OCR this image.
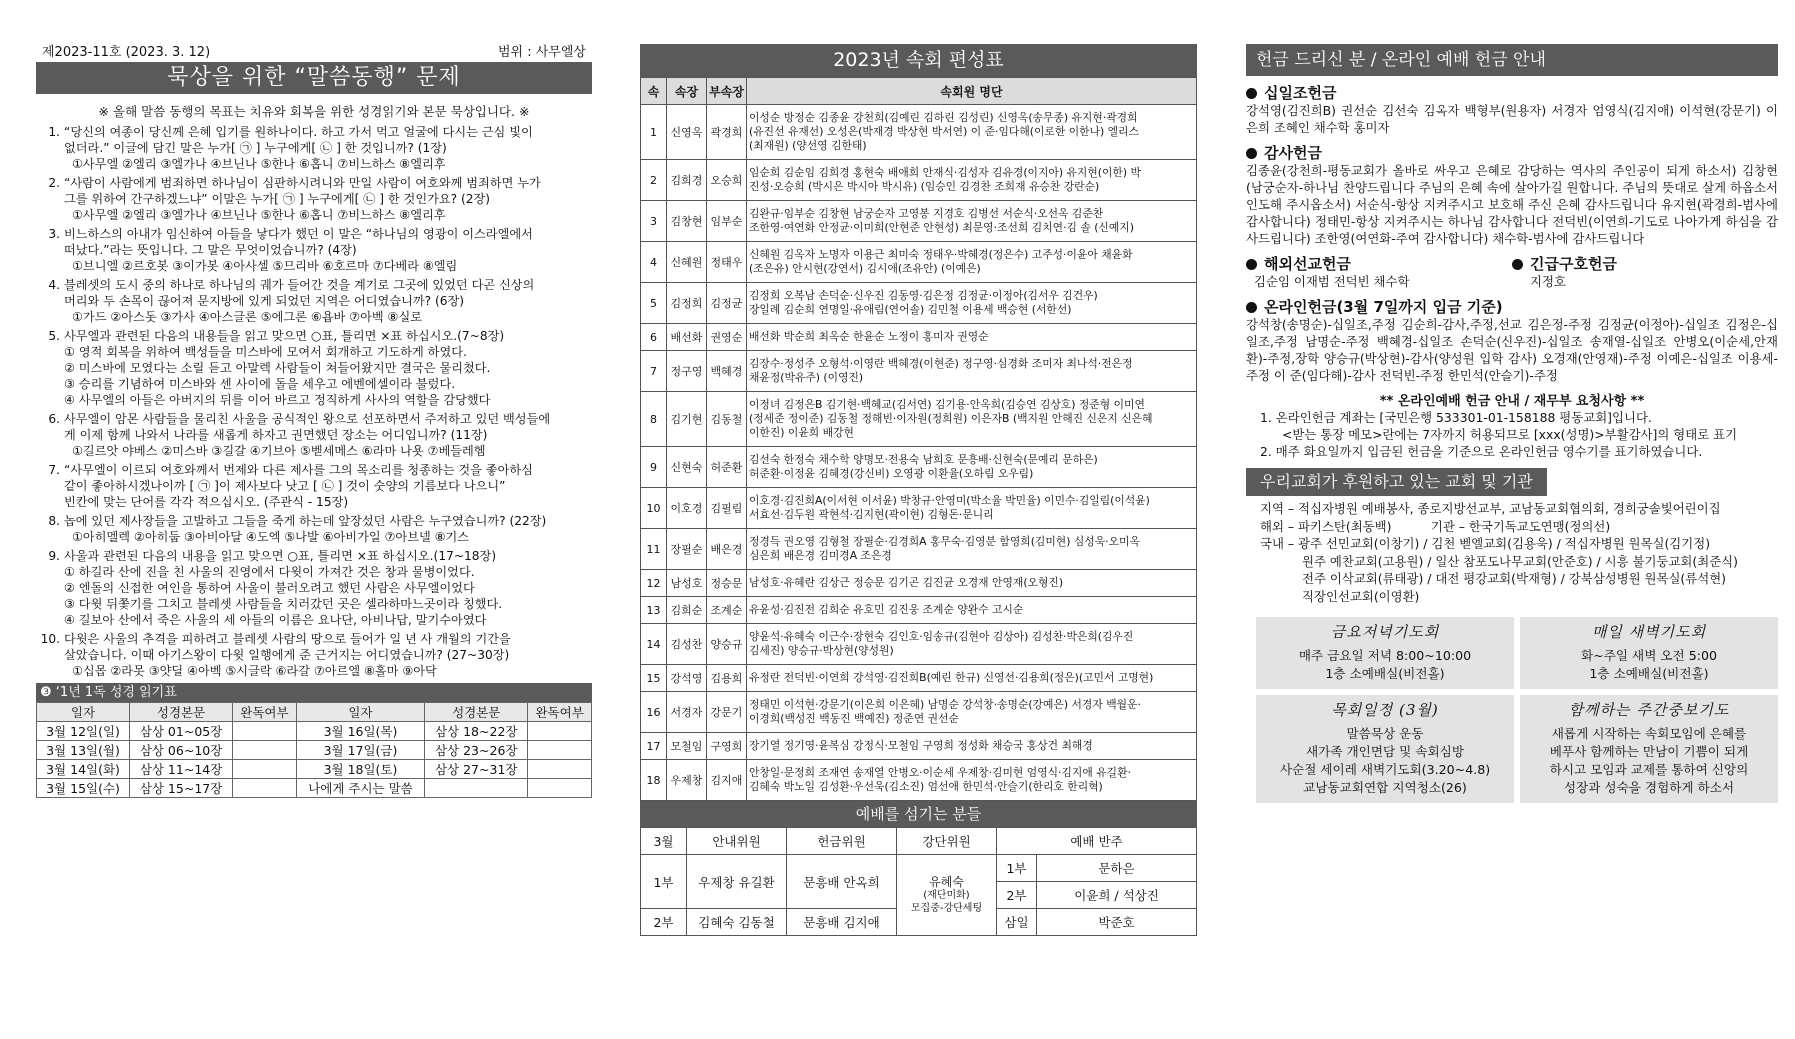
제2023-11호 (2023. 3. 12)	범위 : 사무엘상
묵상을 위한 “말씀동행” 문제
※ 올해 말씀 동행의 목표는 치유와 회복을 위한 성경읽기와 본문 묵상입니다. ※
1. “당신의 여종이 당신께 은혜 입기를 원하나이다. 하고 가서 먹고 얼굴에 다시는 근심 빛이
없더라.” 이글에 담긴 말은 누가[ ㉠ ] 누구에게[ ㉡ ] 한 것입니까? (1장)
①사무엘 ②엘리 ③엘가나 ④브닌나 ⑤한나 ⑥홉니 ⑦비느하스 ⑧엘리후
2. “사람이 사람에게 범죄하면 하나님이 심판하시려니와 만일 사람이 여호와께 범죄하면 누가
그를 위하여 간구하겠느냐” 이말은 누가[ ㉠ ] 누구에게[ ㉡ ] 한 것인가요? (2장)
①사무엘 ②엘리 ③엘가나 ④브닌나 ⑤한나 ⑥홉니 ⑦비느하스 ⑧엘리후
3. 비느하스의 아내가 임신하여 아들을 낳다가 했던 이 말은 “하나님의 영광이 이스라엘에서
떠났다.”라는 뜻입니다. 그 말은 무엇이었습니까? (4장)
①브니엘 ②르호봇 ③이가봇 ④아사셀 ⑤므리바 ⑥호르마 ⑦다베라 ⑧엘림
4. 블레셋의 도시 중의 하나로 하나님의 궤가 들어간 것을 계기로 그곳에 있었던 다곤 신상의
머리와 두 손목이 끊어져 문지방에 있게 되었던 지역은 어디였습니까? (6장)
①가드 ②아스돗 ③가사 ④아스글론 ⑤에그론 ⑥욥바 ⑦아벡 ⑧실로
5. 사무엘과 관련된 다음의 내용들을 읽고 맞으면 ○표, 틀리면 ×표 하십시오.(7~8장)
① 영적 회복을 위하여 백성들을 미스바에 모여서 회개하고 기도하게 하였다.
② 미스바에 모였다는 소릴 듣고 아말렉 사람들이 쳐들어왔지만 결국은 물리쳤다.
③ 승리를 기념하여 미스바와 센 사이에 돌을 세우고 에벤에셀이라 불렀다.
④ 사무엘의 아들은 아버지의 뒤를 이어 바르고 정직하게 사사의 역할을 감당했다
6. 사무엘이 암몬 사람들을 물리친 사울을 공식적인 왕으로 선포하면서 주저하고 있던 백성들에
게 이제 함께 나와서 나라를 새롭게 하자고 권면했던 장소는 어디입니까? (11장)
①길르앗 야베스 ②미스바 ③길갈 ④기브아 ⑤벧세메스 ⑥라마 나욧 ⑦베들레헴
7. “사무엘이 이르되 여호와께서 번제와 다른 제사를 그의 목소리를 청종하는 것을 좋아하심
같이 좋아하시겠나이까 [ ㉠ ]이 제사보다 낫고 [ ㉡ ] 것이 숫양의 기름보다 나으니”
빈칸에 맞는 단어를 각각 적으십시오. (주관식 - 15장)
8. 놉에 있던 제사장들을 고발하고 그들을 죽게 하는데 앞장섰던 사람은 누구였습니까? (22장)
①아히멜렉 ②아히둡 ③아비아달 ④도엑 ⑤나발 ⑥아비가일 ⑦아브넬 ⑧기스
9. 사울과 관련된 다음의 내용을 읽고 맞으면 ○표, 틀리면 ×표 하십시오.(17~18장)
① 하길라 산에 진을 친 사울의 진영에서 다윗이 가져간 것은 창과 물병이었다.
② 엔돌의 신접한 여인을 통하여 사울이 불러오려고 했던 사람은 사무엘이었다
③ 다윗 뒤쫓기를 그치고 블레셋 사람들을 치러갔던 곳은 셀라하마느곳이라 칭했다.
④ 길보아 산에서 죽은 사울의 세 아들의 이름은 요나단, 아비나답, 말기수아였다
10. 다윗은 사울의 추격을 피하려고 블레셋 사람의 땅으로 들어가 일 년 사 개월의 기간을
살았습니다. 이때 아기스왕이 다윗 일행에게 준 근거지는 어디였습니까? (27~30장)
①십몹 ②라못 ③얏딜 ④아벡 ⑤시글락 ⑥라갈 ⑦아르엘 ⑧홀마 ⑨아닥
❸ ‘1년 1독 성경 읽기표
일자	성경본문	완독여부	일자	성경본문	완독여부
3월 12일(일)	삼상 01~05장		3월 16일(목)	삼상 18~22장	
3월 13일(월)	삼상 06~10장		3월 17일(금)	삼상 23~26장	
3월 14일(화)	삼상 11~14장		3월 18일(토)	삼상 27~31장	
3월 15일(수)	삼상 15~17장		나에게 주시는 말씀		
2023년 속회 편성표
속	속장	부속장	속회원 명단
1	신영옥	곽경희	이성순 방정순 김종윤 강천희(김예린 김하린 김성린) 신영옥(송무종) 유지현·곽경희
(유진선 유재선) 오성은(박재경 박상현 박서연) 이 준·임다해(이로한 이한나) 엘리스
(최재원) (양선영 김한태)

2	김희경	오승희	임순희 김순임 김희경 홍현숙 배애희 안재식·김성자 김유경(이지아) 유지현(이한) 박
진성·오승희 (박시은 박시아 박시유) (임승인 김경찬 조희재 유승찬 강란순)

3	김창현	임부순	김완규·임부순 김창현 남궁순자 고영봉 지경호 김병선 서순식·오선옥 김준찬
조한영·여연화 안정균·이미희(안현준 안현성) 최문영·조선희 김치연·김 솔 (신예지)

4	신혜원	정태우	신혜원 김옥자 노명자 이용근 최미숙 정태우·박혜경(정은수) 고주성·이윤아 채윤화
(조은유) 안시현(강연서) 김시애(조유안) (이예은)

5	김정희	김정균	김정희 오복남 손덕순·신우진 김동영·김은정 김정균·이정아(김서우 김건우)
장일례 김순희 연명일·유애림(연어솔) 김민철 이용세 백승현 (서한선)

6	배선화	권영순	배선화 박순희 최옥순 한윤순 노정이 홍미자 권영순

7	정구영	백혜경	김장수·정성주 오형석·이영란 백혜경(이현준) 정구영·심경화 조미자 최나석·전은정
채윤정(박유주) (이영진)

8	김기현	김동철	이정녀 김정은B 김기현·백혜교(김서연) 김기용·안옥희(김승연 김상호) 정준형 이미연
(정세준 정이준) 김동철 정해빈·이자원(정희원) 이은자B (백지원 안해진 신은지 신은혜
이한진) 이윤희 배강현

9	신현숙	허준환	김선숙 한정숙 채수학 양명모·전용숙 남희호 문흥배·신현숙(문예리 문하은)
허준환·이정윤 김혜경(강신비) 오영광 이환율(오하림 오우림)

10	이호경	김필림	이호경·김진희A(이서현 이서윤) 박창규·안영미(박소율 박민율) 이민수·김일림(이석윤)
서효선·김두원 곽현석·김지현(곽이현) 김형돈·문니리

11	장필순	배은경	정경득 권오영 김형철 장필순·김경희A 홍무숙·김영분 함영희(김미현) 심성욱·오미옥
심은희 배은경 김미경A 조은경

12	남성호	정승문	남성호·유혜란 김상근 정승문 김기곤 김진균 오경재 안영재(오형진)

13	김희순	조계순	유윤성·김진전 김희순 유호민 김진웅 조계순 양완수 고시순

14	김성찬	양승규	양윤석·유혜숙 이근수·장현숙 김인호·임송규(김현아 김상아) 김성찬·박은희(김우진
김세진) 양승규·박상현(양성원)

15	강석영	김용희	유정란 전덕빈·이연희 강석영·김진희B(예린 한규) 신영선·김용희(정은)(고민서 고명현)

16	서경자	강문기	정태민 이석현·강문기(이은희 이은혜) 남명순 강석창·송명순(강예은) 서경자 백월운·
이경희(백성진 백동진 백예진) 정준연 권선순

17	모철임	구영희	장기열 정기영·윤복심 강정식·모철임 구영희 정성화 채승국 홍상건 최해경

18	우제창	김지애	안창일·문정희 조재연 송재열 안병오·이순세 우제창·김미현 엄영식·김지애 유길환·
김혜숙 박노일 김성환·우선욱(김소진) 엄선애 한민석·안슬기(한리호 한리혁)
예배를 섬기는 분들
3월	안내위원	헌금위원	강단위원	예배 반주	
1부	우제창 유길환	문흥배 안옥희	유혜숙
(재단미화)
모집중-강단세팅	1부	문하은
				2부	이윤희 / 석상진
2부	김혜숙 김동철	문흥배 김지애		삼일	박준호

헌금 드리신 분 / 온라인 예배 헌금 안내
십일조헌금
강석영(김진희B) 권선순 김선숙 김옥자 백형부(원용자) 서경자 엄영식(김지애) 이석현(강문기) 이은희 조혜인 채수학 홍미자
감사헌금
김종윤(강천희-평동교회가 올바로 싸우고 은혜로 감당하는 역사의 주인공이 되게 하소서) 김창현(남궁순자-하나님 찬양드립니다 주님의 은혜 속에 살아가길 원합니다. 주님의 뜻대로 살게 하옵소서 인도해 주시옵소서) 서순식-항상 지켜주시고 보호해 주신 은혜 감사드립니다 유지현(곽경희-범사에 감사합니다) 정태민-항상 지켜주시는 하나님 감사합니다 전덕빈(이연희-기도로 나아가게 하심을 감사드립니다) 조한영(여연화-주여 감사합니다) 채수학-범사에 감사드립니다
해외선교헌금
김순임 이재범 전덕빈 채수학
긴급구호헌금
지정호
온라인헌금(3월 7일까지 입금 기준)
강석창(송명순)-십일조,주정 김순희-감사,주정,선교 김은정-주정 김정균(이정아)-십일조 김정은-십일조,주정 남명순-주정 백혜경-십일조 손덕순(신우진)-십일조 송재열-십일조 안병오(이순세,안재환)-주정,장학 양승규(박상현)-감사(양성원 입학 감사) 오경재(안영재)-주정 이예은-십일조 이용세-주정 이 준(임다해)-감사 전덕빈-주정 한민석(안슬기)-주정
** 온라인예배 헌금 안내 / 재무부 요청사항 **
1. 온라인헌금 계좌는 [국민은행 533301-01-158188 평동교회]입니다.
<받는 통장 메모>란에는 7자까지 허용되므로 [xxx(성명)>부활감사]의 형태로 표기
2. 매주 화요일까지 입금된 헌금을 기준으로 온라인헌금 영수기를 표기하였습니다.
우리교회가 후원하고 있는 교회 및 기관
지역 – 적십자병원 예배봉사, 종로지방선교부, 교남동교회협의회, 경희궁솔빛어린이집
해외 – 파키스탄(최동백)          기관 – 한국기독교도연맹(정의선)
국내 – 광주 선민교회(이창기) / 김천 벧엘교회(김용욱) / 적십자병원 원목실(김기정)
원주 예찬교회(고용원) / 일산 참포도나무교회(안준호) / 시흥 불기둥교회(최준식)
전주 이삭교회(류태광) / 대전 평강교회(박재형) / 강북삼성병원 원목실(류석현)
직장인선교회(이영환)
금요저녁기도회
매주 금요일 저녁 8:00~10:00
1층 소예배실(비전홀)
매일 새벽기도회
화~주일 새벽 오전 5:00
1층 소예배실(비전홀)
목회일정 (3월)
말씀묵상 운동
새가족 개인면담 및 속회심방
사순절 세이레 새벽기도회(3.20~4.8)
교남동교회연합 지역청소(26)
함께하는 주간중보기도
새롭게 시작하는 속회모임에 은혜를
베푸사 함께하는 만남이 기쁨이 되게
하시고 모임과 교제를 통하여 신앙의
성장과 성숙을 경험하게 하소서
